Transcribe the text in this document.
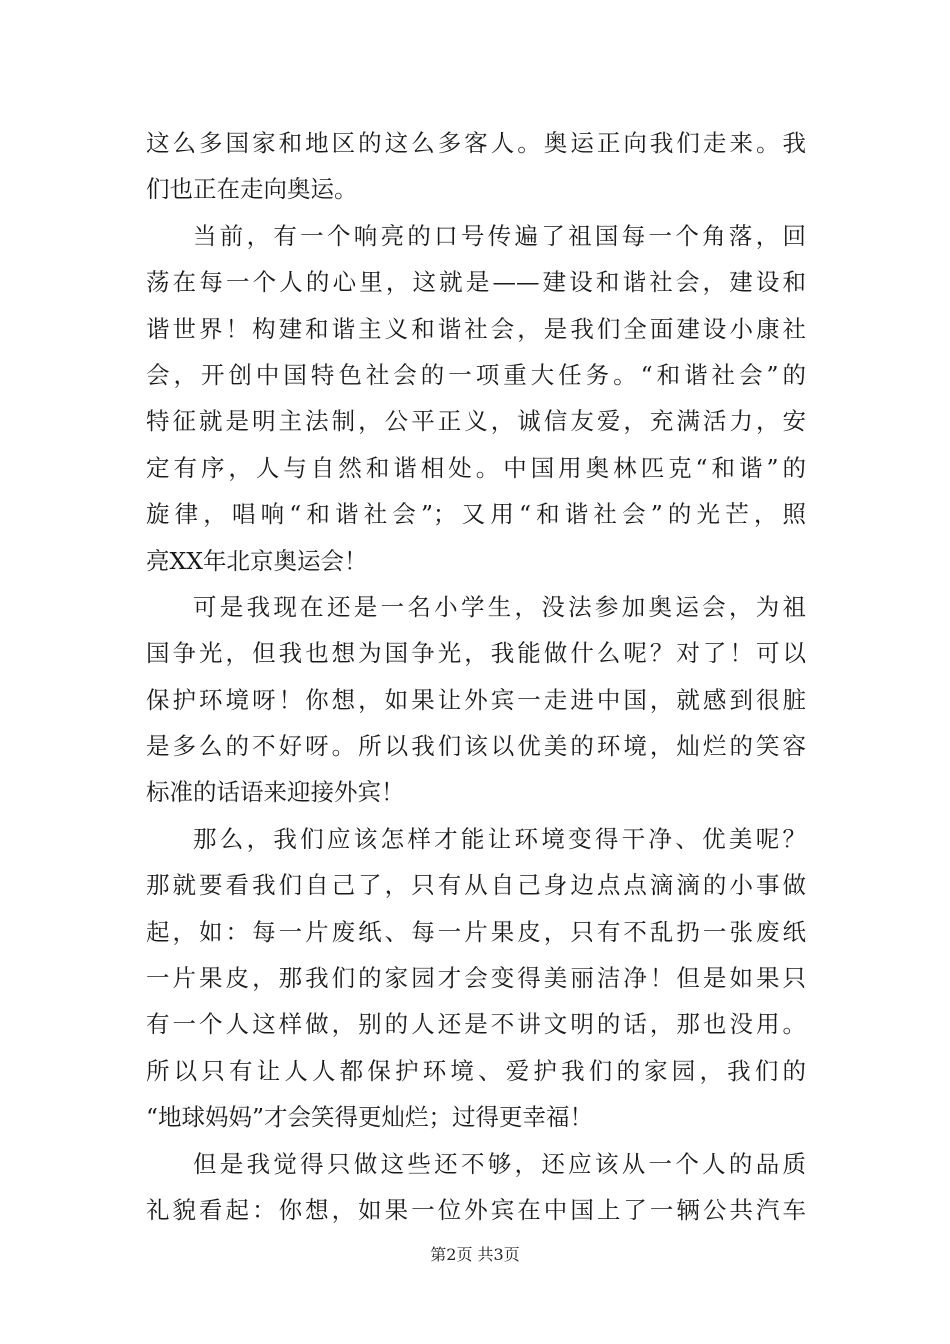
这么多国家和地区的这么多客人。奥运正向我们走来。我
们也正在走向奥运。
当前，有一个响亮的口号传遍了祖国每一个角落，回
荡在每一个人的心里，这就是——建设和谐社会，建设和
谐世界！构建和谐主义和谐社会，是我们全面建设小康社
会，开创中国特色社会的一项重大任务。“和谐社会”的
特征就是明主法制，公平正义，诚信友爱，充满活力，安
定有序，人与自然和谐相处。中国用奥林匹克“和谐”的
旋律，唱响“和谐社会”；又用“和谐社会”的光芒，照
亮XX年北京奥运会！
可是我现在还是一名小学生，没法参加奥运会，为祖
国争光，但我也想为国争光，我能做什么呢？对了！可以
保护环境呀！你想，如果让外宾一走进中国，就感到很脏
是多么的不好呀。所以我们该以优美的环境，灿烂的笑容
标准的话语来迎接外宾！
那么，我们应该怎样才能让环境变得干净、优美呢？
那就要看我们自己了，只有从自己身边点点滴滴的小事做
起，如：每一片废纸、每一片果皮，只有不乱扔一张废纸
一片果皮，那我们的家园才会变得美丽洁净！但是如果只
有一个人这样做，别的人还是不讲文明的话，那也没用。
所以只有让人人都保护环境、爱护我们的家园，我们的
“地球妈妈”才会笑得更灿烂；过得更幸福！
但是我觉得只做这些还不够，还应该从一个人的品质
礼貌看起：你想，如果一位外宾在中国上了一辆公共汽车
第2页 共3页
